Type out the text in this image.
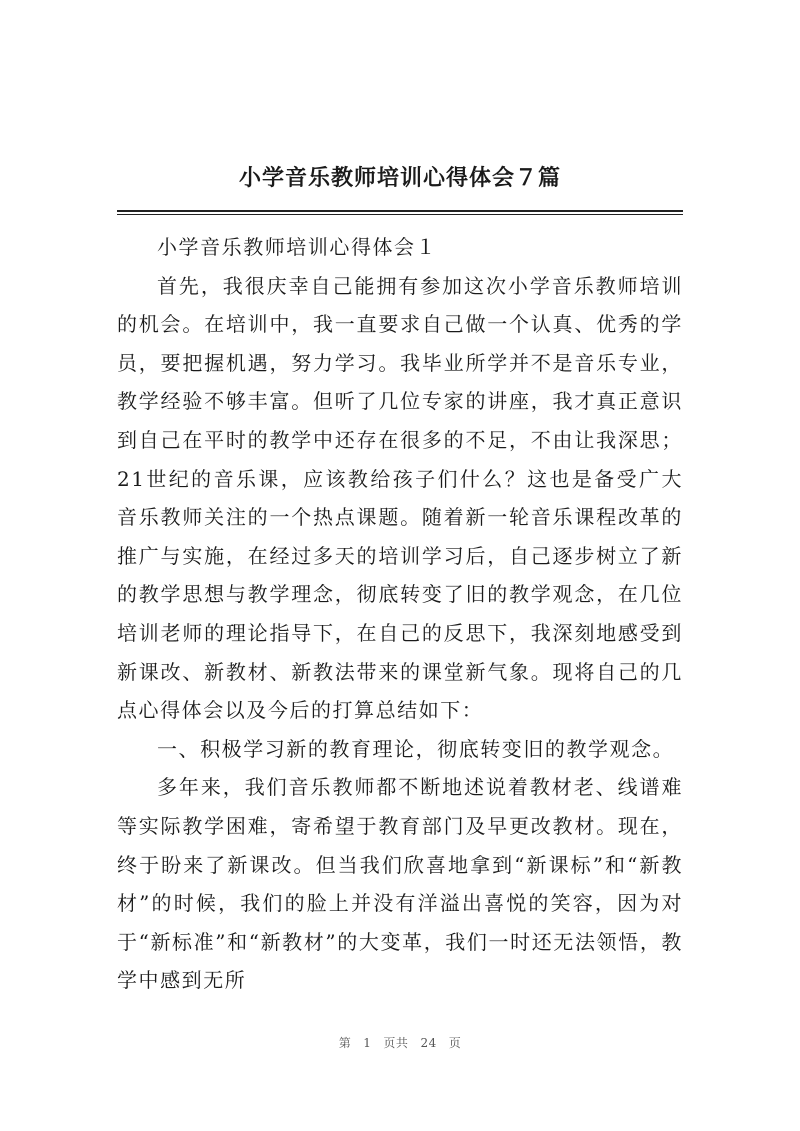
小学音乐教师培训心得体会７篇

小学音乐教师培训心得体会１

首先，我很庆幸自己能拥有参加这次小学音乐教师培训的机会。在培训中，我一直要求自己做一个认真、优秀的学员，要把握机遇，努力学习。我毕业所学并不是音乐专业，教学经验不够丰富。但听了几位专家的讲座，我才真正意识到自己在平时的教学中还存在很多的不足，不由让我深思；21世纪的音乐课，应该教给孩子们什么？这也是备受广大音乐教师关注的一个热点课题。随着新一轮音乐课程改革的推广与实施，在经过多天的培训学习后，自己逐步树立了新的教学思想与教学理念，彻底转变了旧的教学观念，在几位培训老师的理论指导下，在自己的反思下，我深刻地感受到新课改、新教材、新教法带来的课堂新气象。现将自己的几点心得体会以及今后的打算总结如下：

一、积极学习新的教育理论，彻底转变旧的教学观念。

多年来，我们音乐教师都不断地述说着教材老、线谱难等实际教学困难，寄希望于教育部门及早更改教材。现在，终于盼来了新课改。但当我们欣喜地拿到“新课标”和“新教材”的时候，我们的脸上并没有洋溢出喜悦的笑容，因为对于“新标准”和“新教材”的大变革，我们一时还无法领悟，教学中感到无所

第 1 页共 24 页
